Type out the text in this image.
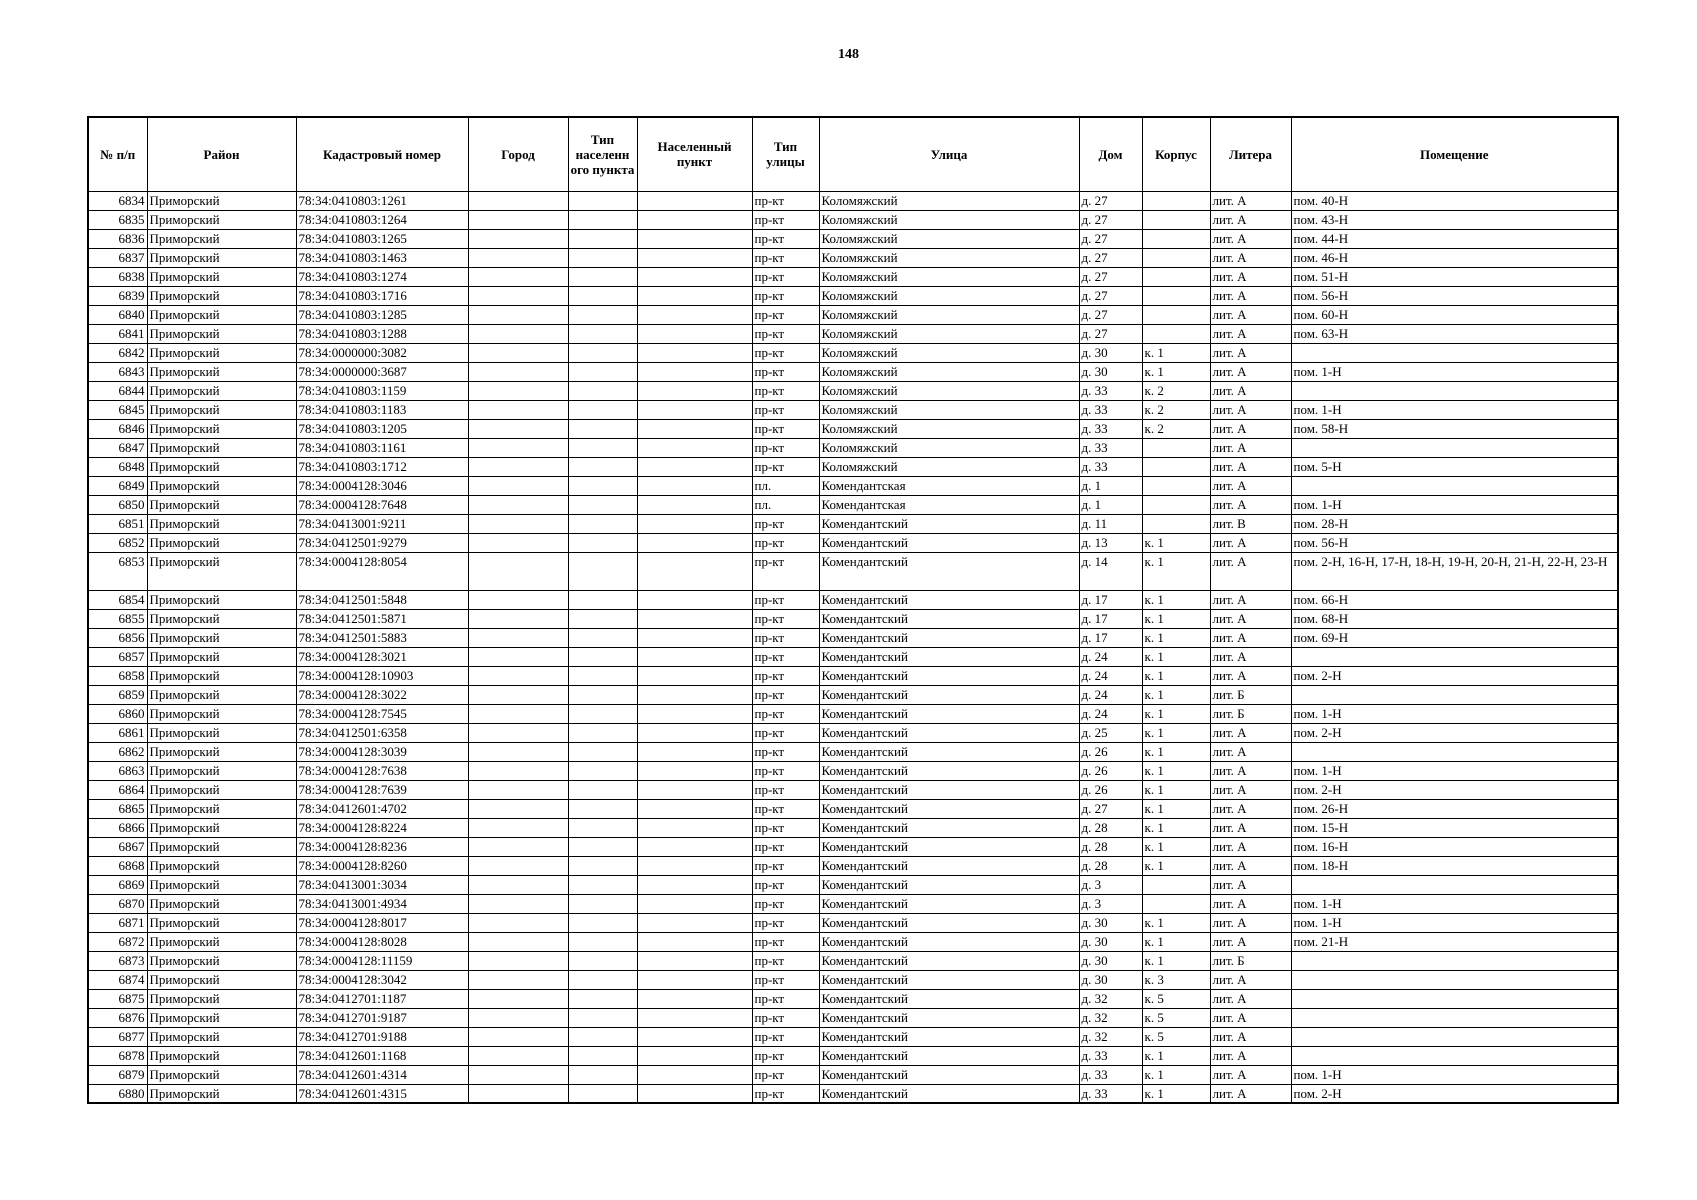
148
№ п/п	Район	Кадастровый номер	Город	Тип населенн ого пункта	Населенный пункт	Тип улицы	Улица	Дом	Корпус	Литера	Помещение
6834	Приморский	78:34:0410803:1261				пр-кт	Коломяжский	д. 27		лит. А	пом. 40-Н
6835	Приморский	78:34:0410803:1264				пр-кт	Коломяжский	д. 27		лит. А	пом. 43-Н
6836	Приморский	78:34:0410803:1265				пр-кт	Коломяжский	д. 27		лит. А	пом. 44-Н
6837	Приморский	78:34:0410803:1463				пр-кт	Коломяжский	д. 27		лит. А	пом. 46-Н
6838	Приморский	78:34:0410803:1274				пр-кт	Коломяжский	д. 27		лит. А	пом. 51-Н
6839	Приморский	78:34:0410803:1716				пр-кт	Коломяжский	д. 27		лит. А	пом. 56-Н
6840	Приморский	78:34:0410803:1285				пр-кт	Коломяжский	д. 27		лит. А	пом. 60-Н
6841	Приморский	78:34:0410803:1288				пр-кт	Коломяжский	д. 27		лит. А	пом. 63-Н
6842	Приморский	78:34:0000000:3082				пр-кт	Коломяжский	д. 30	к. 1	лит. А	
6843	Приморский	78:34:0000000:3687				пр-кт	Коломяжский	д. 30	к. 1	лит. А	пом. 1-Н
6844	Приморский	78:34:0410803:1159				пр-кт	Коломяжский	д. 33	к. 2	лит. А	
6845	Приморский	78:34:0410803:1183				пр-кт	Коломяжский	д. 33	к. 2	лит. А	пом. 1-Н
6846	Приморский	78:34:0410803:1205				пр-кт	Коломяжский	д. 33	к. 2	лит. А	пом. 58-Н
6847	Приморский	78:34:0410803:1161				пр-кт	Коломяжский	д. 33		лит. А	
6848	Приморский	78:34:0410803:1712				пр-кт	Коломяжский	д. 33		лит. А	пом. 5-Н
6849	Приморский	78:34:0004128:3046				пл.	Комендантская	д. 1		лит. А	
6850	Приморский	78:34:0004128:7648				пл.	Комендантская	д. 1		лит. А	пом. 1-Н
6851	Приморский	78:34:0413001:9211				пр-кт	Комендантский	д. 11		лит. В	пом. 28-Н
6852	Приморский	78:34:0412501:9279				пр-кт	Комендантский	д. 13	к. 1	лит. А	пом. 56-Н
6853	Приморский	78:34:0004128:8054				пр-кт	Комендантский	д. 14	к. 1	лит. А	пом. 2-Н, 16-Н, 17-Н, 18-Н, 19-Н, 20-Н, 21-Н, 22-Н, 23-Н
6854	Приморский	78:34:0412501:5848				пр-кт	Комендантский	д. 17	к. 1	лит. А	пом. 66-Н
6855	Приморский	78:34:0412501:5871				пр-кт	Комендантский	д. 17	к. 1	лит. А	пом. 68-Н
6856	Приморский	78:34:0412501:5883				пр-кт	Комендантский	д. 17	к. 1	лит. А	пом. 69-Н
6857	Приморский	78:34:0004128:3021				пр-кт	Комендантский	д. 24	к. 1	лит. А	
6858	Приморский	78:34:0004128:10903				пр-кт	Комендантский	д. 24	к. 1	лит. А	пом. 2-Н
6859	Приморский	78:34:0004128:3022				пр-кт	Комендантский	д. 24	к. 1	лит. Б	
6860	Приморский	78:34:0004128:7545				пр-кт	Комендантский	д. 24	к. 1	лит. Б	пом. 1-Н
6861	Приморский	78:34:0412501:6358				пр-кт	Комендантский	д. 25	к. 1	лит. А	пом. 2-Н
6862	Приморский	78:34:0004128:3039				пр-кт	Комендантский	д. 26	к. 1	лит. А	
6863	Приморский	78:34:0004128:7638				пр-кт	Комендантский	д. 26	к. 1	лит. А	пом. 1-Н
6864	Приморский	78:34:0004128:7639				пр-кт	Комендантский	д. 26	к. 1	лит. А	пом. 2-Н
6865	Приморский	78:34:0412601:4702				пр-кт	Комендантский	д. 27	к. 1	лит. А	пом. 26-Н
6866	Приморский	78:34:0004128:8224				пр-кт	Комендантский	д. 28	к. 1	лит. А	пом. 15-Н
6867	Приморский	78:34:0004128:8236				пр-кт	Комендантский	д. 28	к. 1	лит. А	пом. 16-Н
6868	Приморский	78:34:0004128:8260				пр-кт	Комендантский	д. 28	к. 1	лит. А	пом. 18-Н
6869	Приморский	78:34:0413001:3034				пр-кт	Комендантский	д. 3		лит. А	
6870	Приморский	78:34:0413001:4934				пр-кт	Комендантский	д. 3		лит. А	пом. 1-Н
6871	Приморский	78:34:0004128:8017				пр-кт	Комендантский	д. 30	к. 1	лит. А	пом. 1-Н
6872	Приморский	78:34:0004128:8028				пр-кт	Комендантский	д. 30	к. 1	лит. А	пом. 21-Н
6873	Приморский	78:34:0004128:11159				пр-кт	Комендантский	д. 30	к. 1	лит. Б	
6874	Приморский	78:34:0004128:3042				пр-кт	Комендантский	д. 30	к. 3	лит. А	
6875	Приморский	78:34:0412701:1187				пр-кт	Комендантский	д. 32	к. 5	лит. А	
6876	Приморский	78:34:0412701:9187				пр-кт	Комендантский	д. 32	к. 5	лит. А	
6877	Приморский	78:34:0412701:9188				пр-кт	Комендантский	д. 32	к. 5	лит. А	
6878	Приморский	78:34:0412601:1168				пр-кт	Комендантский	д. 33	к. 1	лит. А	
6879	Приморский	78:34:0412601:4314				пр-кт	Комендантский	д. 33	к. 1	лит. А	пом. 1-Н
6880	Приморский	78:34:0412601:4315				пр-кт	Комендантский	д. 33	к. 1	лит. А	пом. 2-Н
